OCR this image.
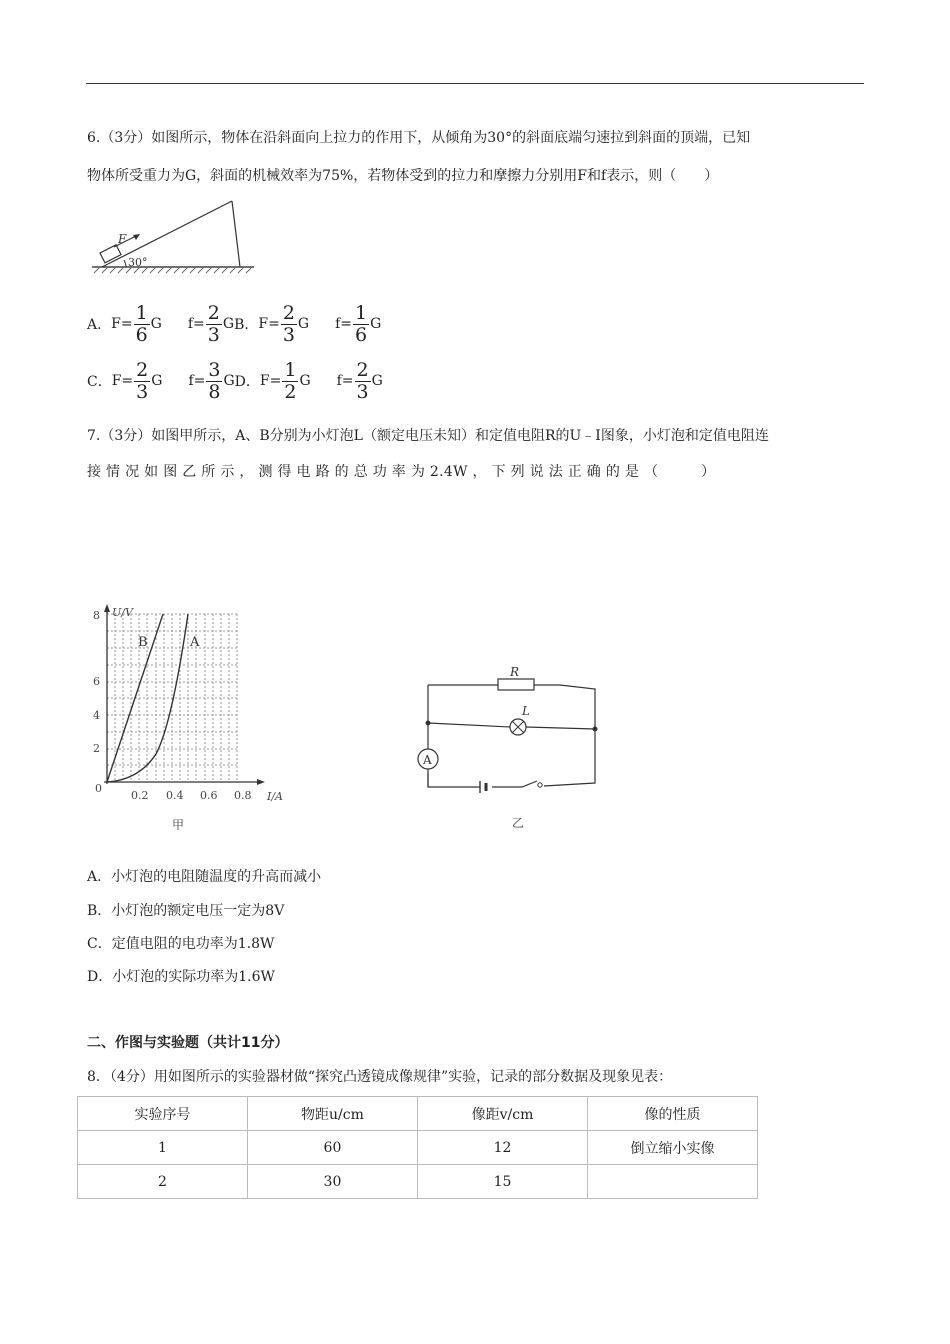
6.（3分）如图所示，物体在沿斜面向上拉力的作用下，从倾角为30°的斜面底端匀速拉到斜面的顶端，已知
物体所受重力为G，斜面的机械效率为75%，若物体受到的拉力和摩擦力分别用F和f表示，则（　　）
F
30°
A． $F= \frac{1}{6}$ G $f= \frac{2}{3}$ G B． $F= \frac{2}{3}$ G $f= \frac{1}{6}$ G
C． $F= \frac{2}{3}$ G $f= \frac{3}{8}$ G D． $F= \frac{1}{2}$ G $f= \frac{2}{3}$ G
7.（3分）如图甲所示，A、B分别为小灯泡L（额定电压未知）和定值电阻R的U﹣I图象，小灯泡和定值电阻连
接 情 况 如 图 乙 所 示 ， 测 得 电 路 的 总 功 率 为 2.4W ， 下 列 说 法 正 确 的 是 （　　　）
U/V
I/A
0
2
4
6
8
0.2 0.4 0.6 0.8
B	A
甲
A
R
L
乙
A．小灯泡的电阻随温度的升高而减小
B．小灯泡的额定电压一定为8V
C．定值电阻的电功率为1.8W
D．小灯泡的实际功率为1.6W
二、作图与实验题（共计11分）
8．（4分）用如图所示的实验器材做“探究凸透镜成像规律”实验，记录的部分数据及现象见表：
实验序号	物距u/cm	像距v/cm	像的性质
1	60	12	倒立缩小实像
2	30	15	
